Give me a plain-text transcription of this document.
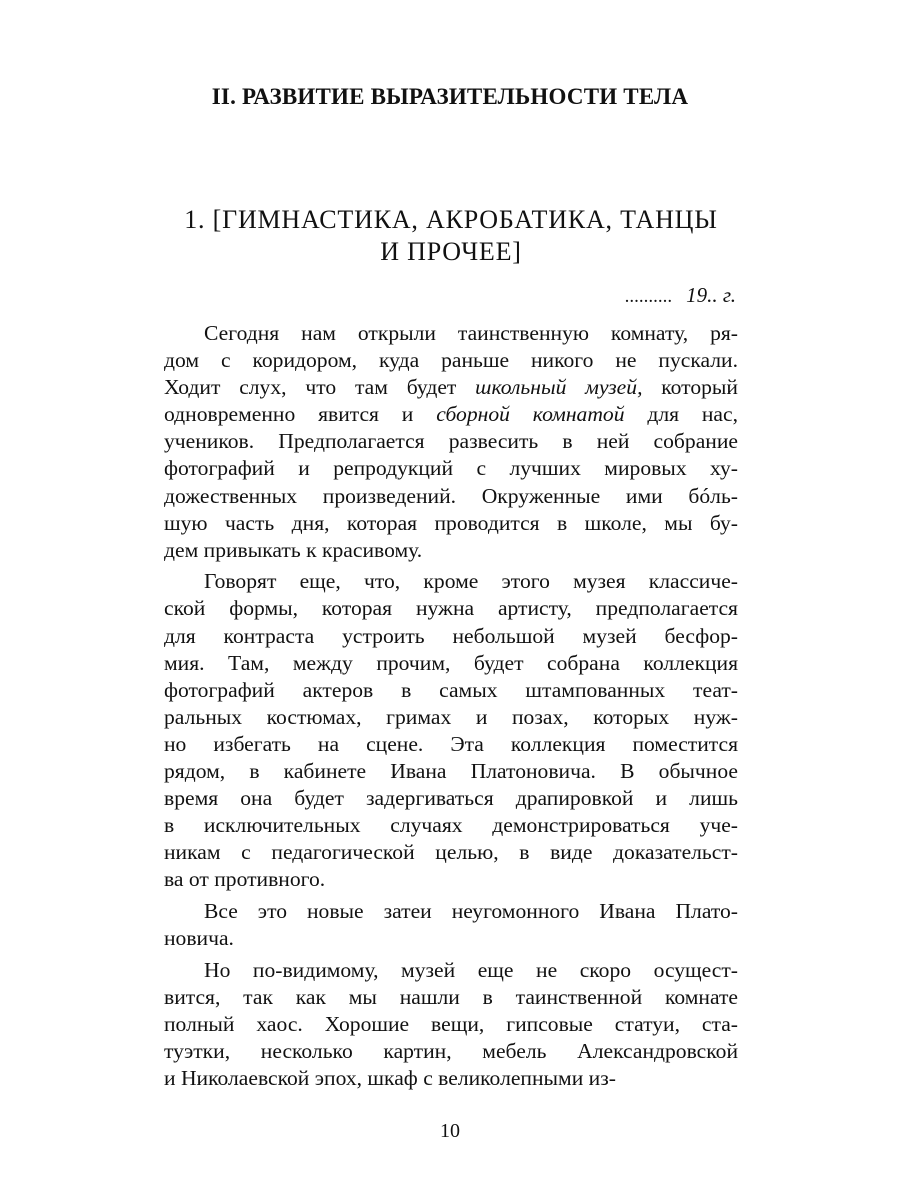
II. РАЗВИТИЕ ВЫРАЗИТЕЛЬНОСТИ ТЕЛА
1. [ГИМНАСТИКА, АКРОБАТИКА, ТАНЦЫ
И ПРОЧЕЕ]
.......... 19.. г.

Сегодня нам открыли таинственную комнату, ря-
дом с коридором, куда раньше никого не пускали.
Ходит слух, что там будет школьный музей, который
одновременно явится и сборной комнатой для нас,
учеников. Предполагается развесить в ней собрание
фотографий и репродукций с лучших мировых ху-
дожественных произведений. Окруженные ими бóль-
шую часть дня, которая проводится в школе, мы бу-
дем привыкать к красивому.

Говорят еще, что, кроме этого музея классиче-
ской формы, которая нужна артисту, предполагается
для контраста устроить небольшой музей бесфор-
мия. Там, между прочим, будет собрана коллекция
фотографий актеров в самых штампованных теат-
ральных костюмах, гримах и позах, которых нуж-
но избегать на сцене. Эта коллекция поместится
рядом, в кабинете Ивана Платоновича. В обычное
время она будет задергиваться драпировкой и лишь
в исключительных случаях демонстрироваться уче-
никам с педагогической целью, в виде доказательст-
ва от противного.

Все это новые затеи неугомонного Ивана Плато-
новича.

Но по-видимому, музей еще не скоро осущест-
вится, так как мы нашли в таинственной комнате
полный хаос. Хорошие вещи, гипсовые статуи, ста-
туэтки, несколько картин, мебель Александровской
и Николаевской эпох, шкаф с великолепными из-

10
